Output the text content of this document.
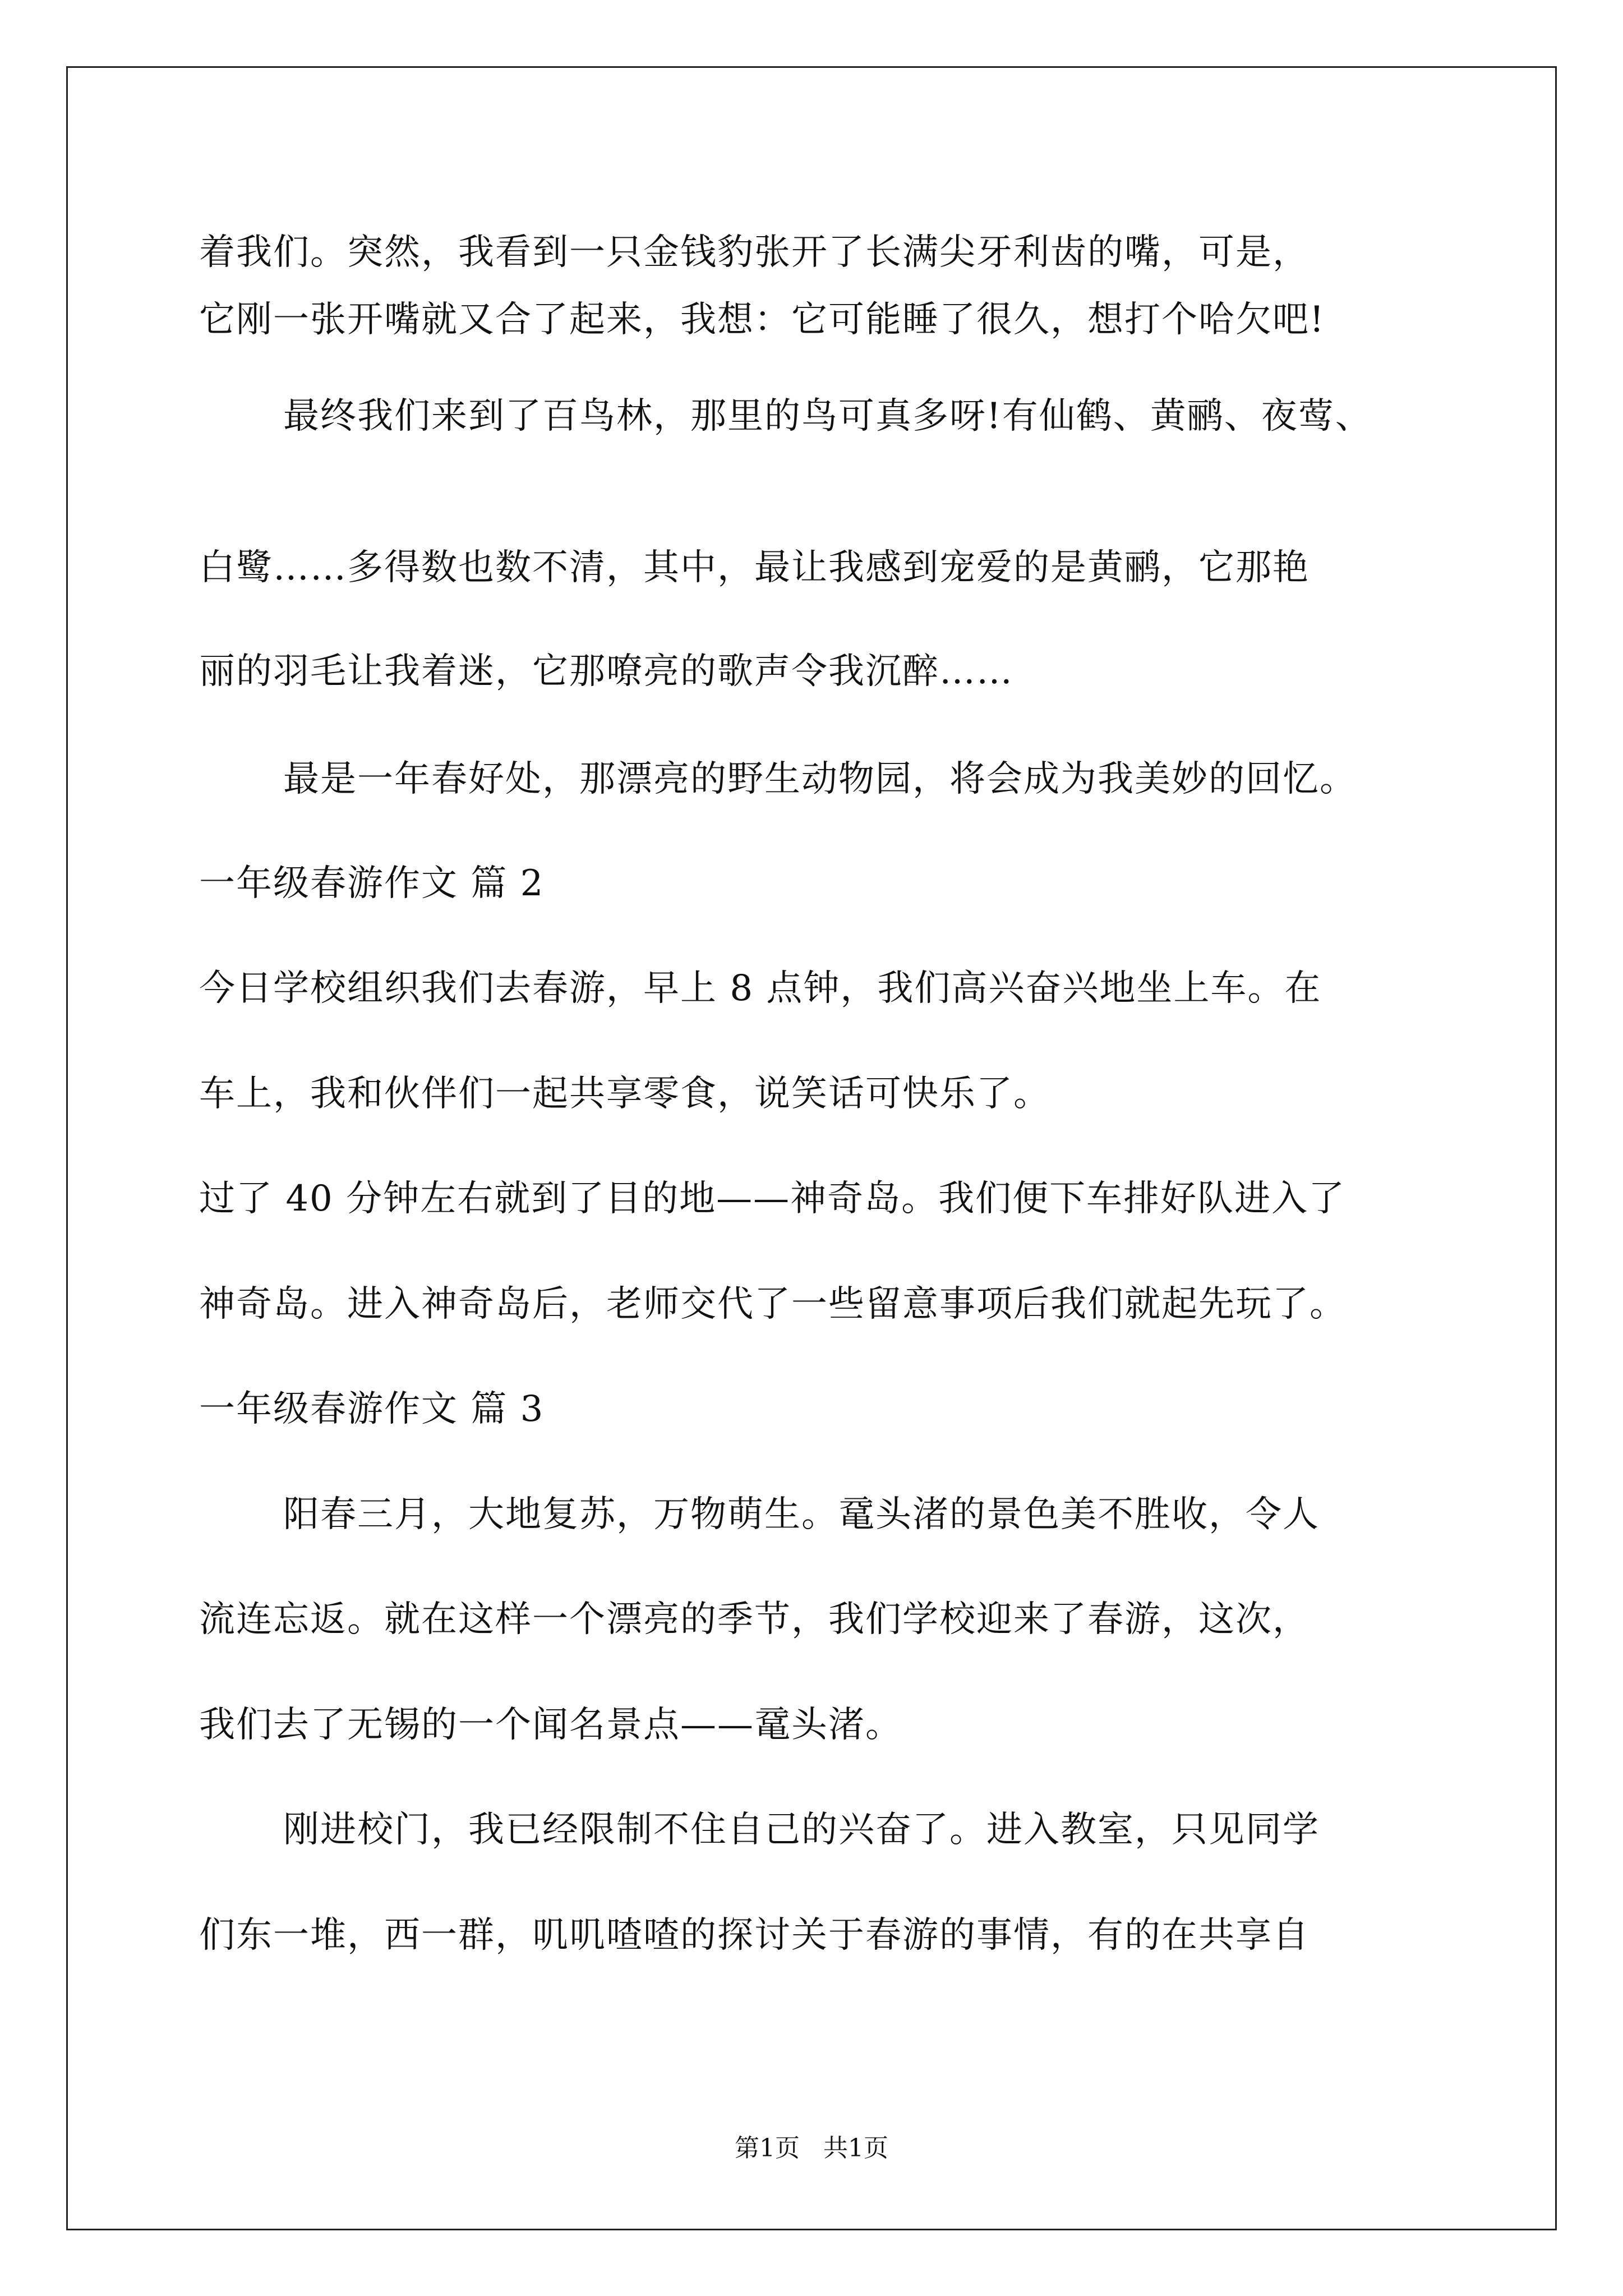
着我们。突然，我看到一只金钱豹张开了长满尖牙利齿的嘴，可是，
它刚一张开嘴就又合了起来，我想：它可能睡了很久，想打个哈欠吧!
最终我们来到了百鸟林，那里的鸟可真多呀!有仙鹤、黄鹂、夜莺、
白鹭……多得数也数不清，其中，最让我感到宠爱的是黄鹂，它那艳
丽的羽毛让我着迷，它那嘹亮的歌声令我沉醉……
最是一年春好处，那漂亮的野生动物园，将会成为我美妙的回忆。
一年级春游作文 篇 2
今日学校组织我们去春游，早上 8 点钟，我们高兴奋兴地坐上车。在
车上，我和伙伴们一起共享零食，说笑话可快乐了。
过了 40 分钟左右就到了目的地——神奇岛。我们便下车排好队进入了
神奇岛。进入神奇岛后，老师交代了一些留意事项后我们就起先玩了。
一年级春游作文 篇 3
阳春三月，大地复苏，万物萌生。鼋头渚的景色美不胜收，令人
流连忘返。就在这样一个漂亮的季节，我们学校迎来了春游，这次，
我们去了无锡的一个闻名景点——鼋头渚。
刚进校门，我已经限制不住自己的兴奋了。进入教室，只见同学
们东一堆，西一群，叽叽喳喳的探讨关于春游的事情，有的在共享自
第1页   共1页
